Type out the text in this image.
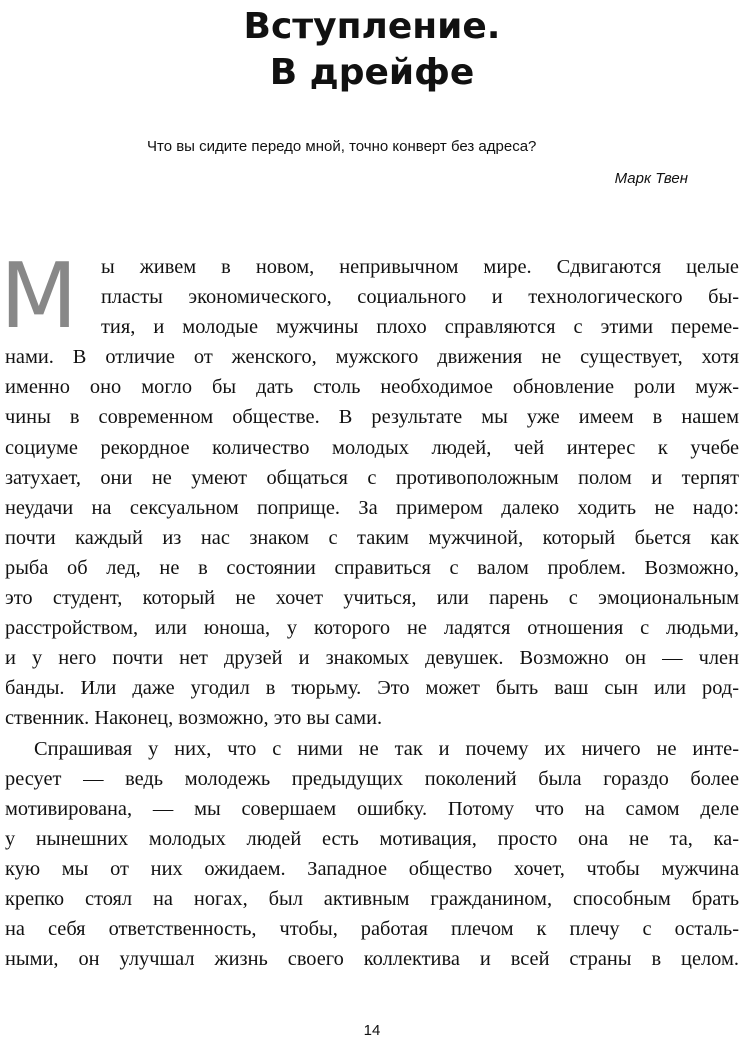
Вступление.
В дрейфе
Что вы сидите передо мной, точно конверт без адреса?
Марк Твен
М	ы живем в новом, непривычном мире. Сдвигаются целые
пласты экономического, социального и технологического бы-
тия, и молодые мужчины плохо справляются с этими переме-
нами. В отличие от женского, мужского движения не существует, хотя
именно оно могло бы дать столь необходимое обновление роли муж-
чины в современном обществе. В результате мы уже имеем в нашем
социуме рекордное количество молодых людей, чей интерес к учебе
затухает, они не умеют общаться с противоположным полом и терпят
неудачи на сексуальном поприще. За примером далеко ходить не надо:
почти каждый из нас знаком с таким мужчиной, который бьется как
рыба об лед, не в состоянии справиться с валом проблем. Возможно,
это студент, который не хочет учиться, или парень с эмоциональным
расстройством, или юноша, у которого не ладятся отношения с людьми,
и у него почти нет друзей и знакомых девушек. Возможно он — член
банды. Или даже угодил в тюрьму. Это может быть ваш сын или род-
ственник. Наконец, возможно, это вы сами.
Спрашивая у них, что с ними не так и почему их ничего не инте-
ресует — ведь молодежь предыдущих поколений была гораздо более
мотивирована, — мы совершаем ошибку. Потому что на самом деле
у нынешних молодых людей есть мотивация, просто она не та, ка-
кую мы от них ожидаем. Западное общество хочет, чтобы мужчина
крепко стоял на ногах, был активным гражданином, способным брать
на себя ответственность, чтобы, работая плечом к плечу с осталь-
ными, он улучшал жизнь своего коллектива и всей страны в целом.
14
